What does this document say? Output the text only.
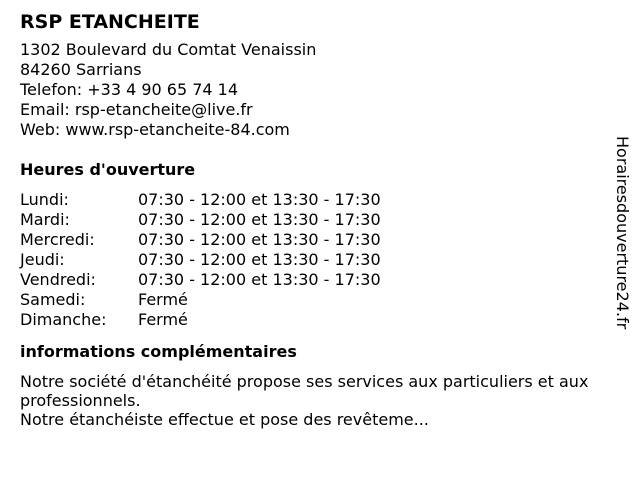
RSP ETANCHEITE
1302 Boulevard du Comtat Venaissin
84260 Sarrians
Telefon: +33 4 90 65 74 14
Email: rsp-etancheite@live.fr
Web: www.rsp-etancheite-84.com
Heures d'ouverture
Lundi:	07:30 - 12:00 et 13:30 - 17:30
Mardi:	07:30 - 12:00 et 13:30 - 17:30
Mercredi:	07:30 - 12:00 et 13:30 - 17:30
Jeudi:	07:30 - 12:00 et 13:30 - 17:30
Vendredi:	07:30 - 12:00 et 13:30 - 17:30
Samedi:	Fermé
Dimanche:	Fermé
informations complémentaires
Notre société d'étanchéité propose ses services aux particuliers et aux professionnels.
Notre étanchéiste effectue et pose des revêteme...
Horairesdouverture24.fr
